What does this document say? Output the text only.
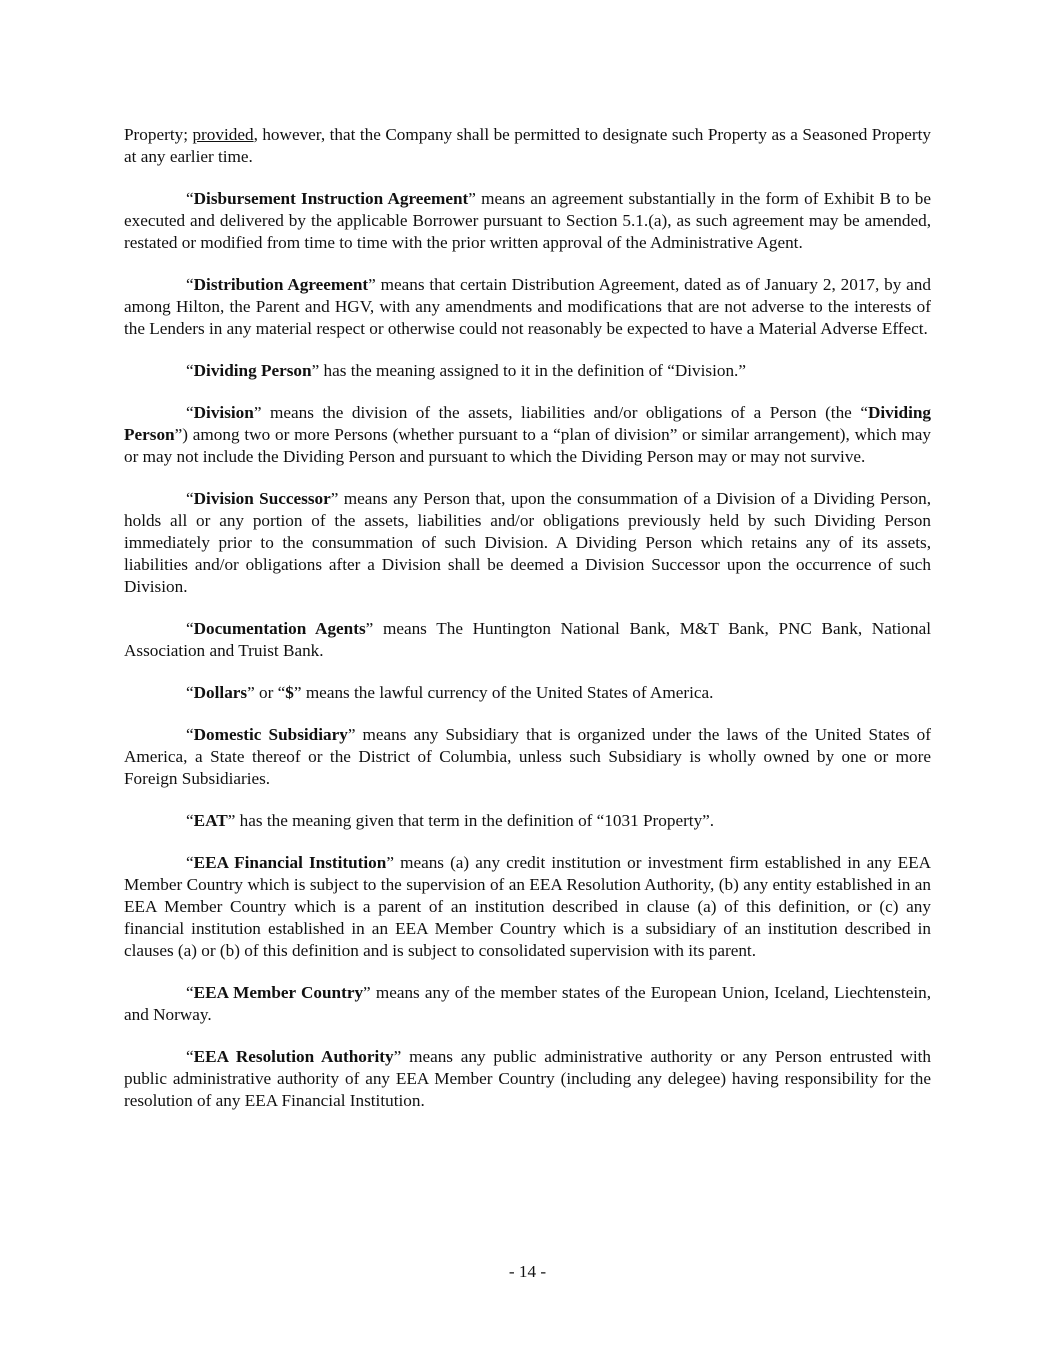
Property; provided, however, that the Company shall be permitted to designate such Property as a Seasoned Property at any earlier time.

“Disbursement Instruction Agreement” means an agreement substantially in the form of Exhibit B to be executed and delivered by the applicable Borrower pursuant to Section 5.1.(a), as such agreement may be amended, restated or modified from time to time with the prior written approval of the Administrative Agent.

“Distribution Agreement” means that certain Distribution Agreement, dated as of January 2, 2017, by and among Hilton, the Parent and HGV, with any amendments and modifications that are not adverse to the interests of the Lenders in any material respect or otherwise could not reasonably be expected to have a Material Adverse Effect.

“Dividing Person” has the meaning assigned to it in the definition of “Division.”

“Division” means the division of the assets, liabilities and/or obligations of a Person (the “Dividing Person”) among two or more Persons (whether pursuant to a “plan of division” or similar arrangement), which may or may not include the Dividing Person and pursuant to which the Dividing Person may or may not survive.

“Division Successor” means any Person that, upon the consummation of a Division of a Dividing Person, holds all or any portion of the assets, liabilities and/or obligations previously held by such Dividing Person immediately prior to the consummation of such Division. A Dividing Person which retains any of its assets, liabilities and/or obligations after a Division shall be deemed a Division Successor upon the occurrence of such Division.

“Documentation Agents” means The Huntington National Bank, M&T Bank, PNC Bank, National Association and Truist Bank.

“Dollars” or “$” means the lawful currency of the United States of America.

“Domestic Subsidiary” means any Subsidiary that is organized under the laws of the United States of America, a State thereof or the District of Columbia, unless such Subsidiary is wholly owned by one or more Foreign Subsidiaries.

“EAT” has the meaning given that term in the definition of “1031 Property”.

“EEA Financial Institution” means (a) any credit institution or investment firm established in any EEA Member Country which is subject to the supervision of an EEA Resolution Authority, (b) any entity established in an EEA Member Country which is a parent of an institution described in clause (a) of this definition, or (c) any financial institution established in an EEA Member Country which is a subsidiary of an institution described in clauses (a) or (b) of this definition and is subject to consolidated supervision with its parent.

“EEA Member Country” means any of the member states of the European Union, Iceland, Liechtenstein, and Norway.

“EEA Resolution Authority” means any public administrative authority or any Person entrusted with public administrative authority of any EEA Member Country (including any delegee) having responsibility for the resolution of any EEA Financial Institution.

- 14 -
